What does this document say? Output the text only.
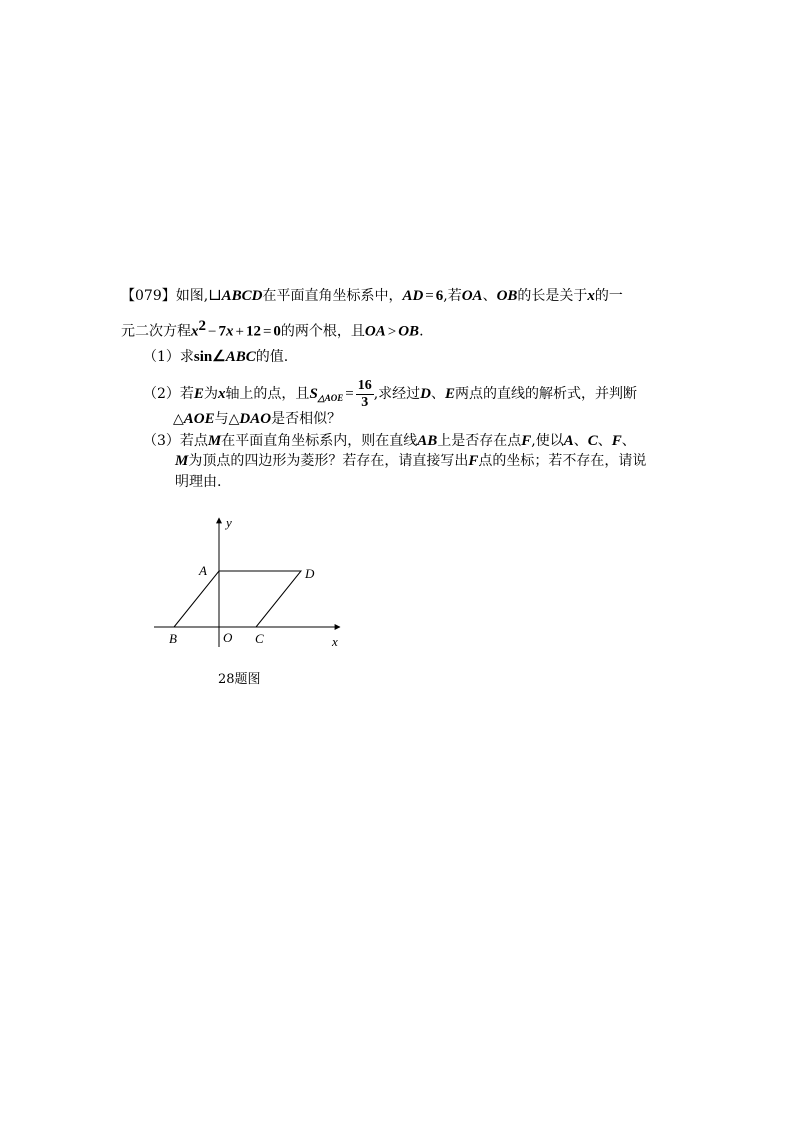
【079】如图,⊔ABCD在平面直角坐标系中，AD = 6,若OA、OB的长是关于x的一
元二次方程$x^2 - 7x + 12 = 0$的两个根，且OA > OB.
（1）求sin∠ABC的值.
（2）若E为x轴上的点，且$S_{\triangle AOE} = \frac{16}{3}$ ,求经过D、E两点的直线的解析式，并判断
△AOE与△DAO是否相似？
（3）若点M在平面直角坐标系内，则在直线AB上是否存在点F,使以A、C、F、
M为顶点的四边形为菱形？若存在，请直接写出F点的坐标；若不存在，请说
明理由.
y
A	D
B	O C	x
28题图
